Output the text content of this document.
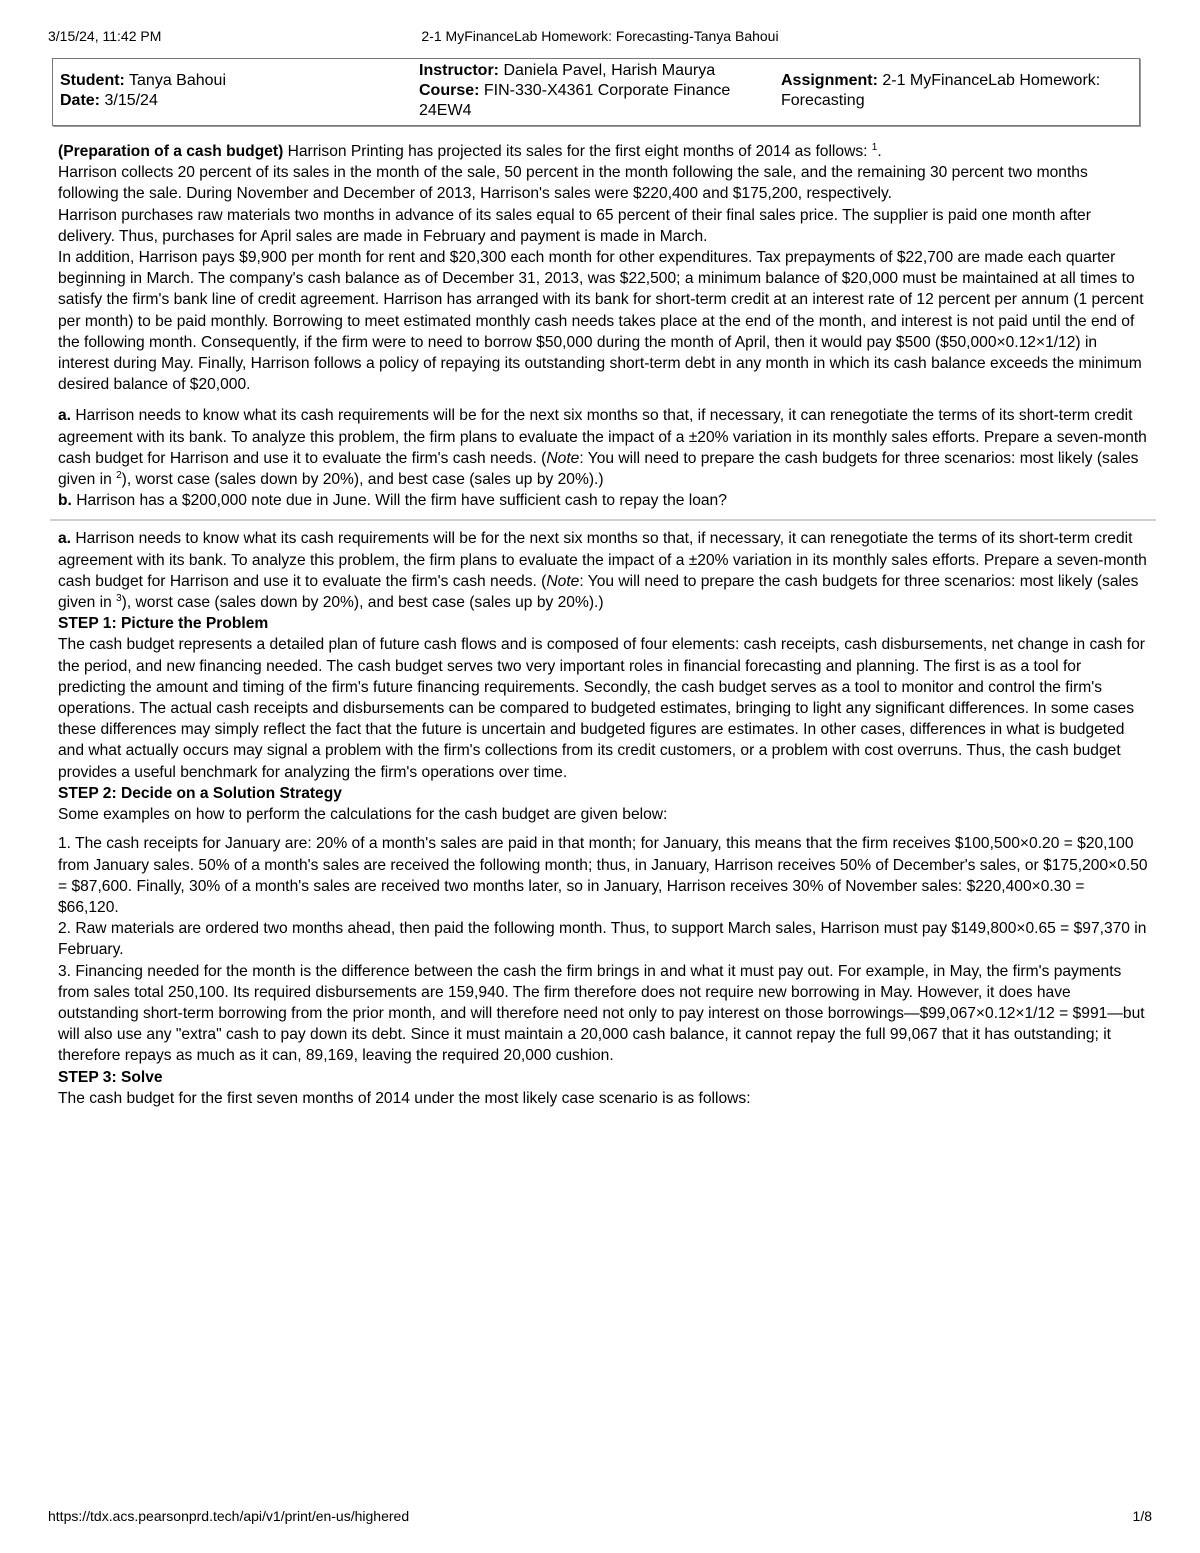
3/15/24, 11:42 PM	2-1 MyFinanceLab Homework: Forecasting-Tanya Bahoui
Student: Tanya Bahoui
Date: 3/15/24
Instructor: Daniela Pavel, Harish Maurya
Course: FIN-330-X4361 Corporate Finance 24EW4
Assignment: 2-1 MyFinanceLab Homework: Forecasting

(Preparation of a cash budget) Harrison Printing has projected its sales for the first eight months of 2014 as follows: $^1$.

Harrison collects 20 percent of its sales in the month of the sale, 50 percent in the month following the sale, and the remaining 30 percent two months following the sale. During November and December of 2013, Harrison's sales were $220,400 and $175,200, respectively.

Harrison purchases raw materials two months in advance of its sales equal to 65 percent of their final sales price. The supplier is paid one month after delivery. Thus, purchases for April sales are made in February and payment is made in March.

In addition, Harrison pays $9,900 per month for rent and $20,300 each month for other expenditures. Tax prepayments of $22,700 are made each quarter beginning in March. The company's cash balance as of December 31, 2013, was $22,500; a minimum balance of $20,000 must be maintained at all times to satisfy the firm's bank line of credit agreement. Harrison has arranged with its bank for short-term credit at an interest rate of 12 percent per annum (1 percent per month) to be paid monthly. Borrowing to meet estimated monthly cash needs takes place at the end of the month, and interest is not paid until the end of the following month. Consequently, if the firm were to need to borrow $50,000 during the month of April, then it would pay $500 ($50,000×0.12×1/12) in interest during May. Finally, Harrison follows a policy of repaying its outstanding short-term debt in any month in which its cash balance exceeds the minimum desired balance of $20,000.

a. Harrison needs to know what its cash requirements will be for the next six months so that, if necessary, it can renegotiate the terms of its short-term credit agreement with its bank. To analyze this problem, the firm plans to evaluate the impact of a ±20% variation in its monthly sales efforts. Prepare a seven-month cash budget for Harrison and use it to evaluate the firm's cash needs. (Note: You will need to prepare the cash budgets for three scenarios: most likely (sales given in $^2$), worst case (sales down by 20%), and best case (sales up by 20%).)

b. Harrison has a $200,000 note due in June. Will the firm have sufficient cash to repay the loan?

a. Harrison needs to know what its cash requirements will be for the next six months so that, if necessary, it can renegotiate the terms of its short-term credit agreement with its bank. To analyze this problem, the firm plans to evaluate the impact of a ±20% variation in its monthly sales efforts. Prepare a seven-month cash budget for Harrison and use it to evaluate the firm's cash needs. (Note: You will need to prepare the cash budgets for three scenarios: most likely (sales given in $^3$), worst case (sales down by 20%), and best case (sales up by 20%).)

STEP 1: Picture the Problem

The cash budget represents a detailed plan of future cash flows and is composed of four elements: cash receipts, cash disbursements, net change in cash for the period, and new financing needed. The cash budget serves two very important roles in financial forecasting and planning. The first is as a tool for predicting the amount and timing of the firm's future financing requirements. Secondly, the cash budget serves as a tool to monitor and control the firm's operations. The actual cash receipts and disbursements can be compared to budgeted estimates, bringing to light any significant differences. In some cases these differences may simply reflect the fact that the future is uncertain and budgeted figures are estimates. In other cases, differences in what is budgeted and what actually occurs may signal a problem with the firm's collections from its credit customers, or a problem with cost overruns. Thus, the cash budget provides a useful benchmark for analyzing the firm's operations over time.

STEP 2: Decide on a Solution Strategy

Some examples on how to perform the calculations for the cash budget are given below:

1. The cash receipts for January are: 20% of a month's sales are paid in that month; for January, this means that the firm receives $100,500×0.20 = $20,100 from January sales. 50% of a month's sales are received the following month; thus, in January, Harrison receives 50% of December's sales, or $175,200×0.50 = $87,600. Finally, 30% of a month's sales are received two months later, so in January, Harrison receives 30% of November sales: $220,400×0.30 = $66,120.

2. Raw materials are ordered two months ahead, then paid the following month. Thus, to support March sales, Harrison must pay $149,800×0.65 = $97,370 in February.

3. Financing needed for the month is the difference between the cash the firm brings in and what it must pay out. For example, in May, the firm's payments from sales total 250,100. Its required disbursements are 159,940. The firm therefore does not require new borrowing in May. However, it does have outstanding short-term borrowing from the prior month, and will therefore need not only to pay interest on those borrowings—$99,067×0.12×1/12 = $991—but will also use any "extra" cash to pay down its debt. Since it must maintain a 20,000 cash balance, it cannot repay the full 99,067 that it has outstanding; it therefore repays as much as it can, 89,169, leaving the required 20,000 cushion.

STEP 3: Solve

The cash budget for the first seven months of 2014 under the most likely case scenario is as follows:

https://tdx.acs.pearsonprd.tech/api/v1/print/en-us/highered	1/8
